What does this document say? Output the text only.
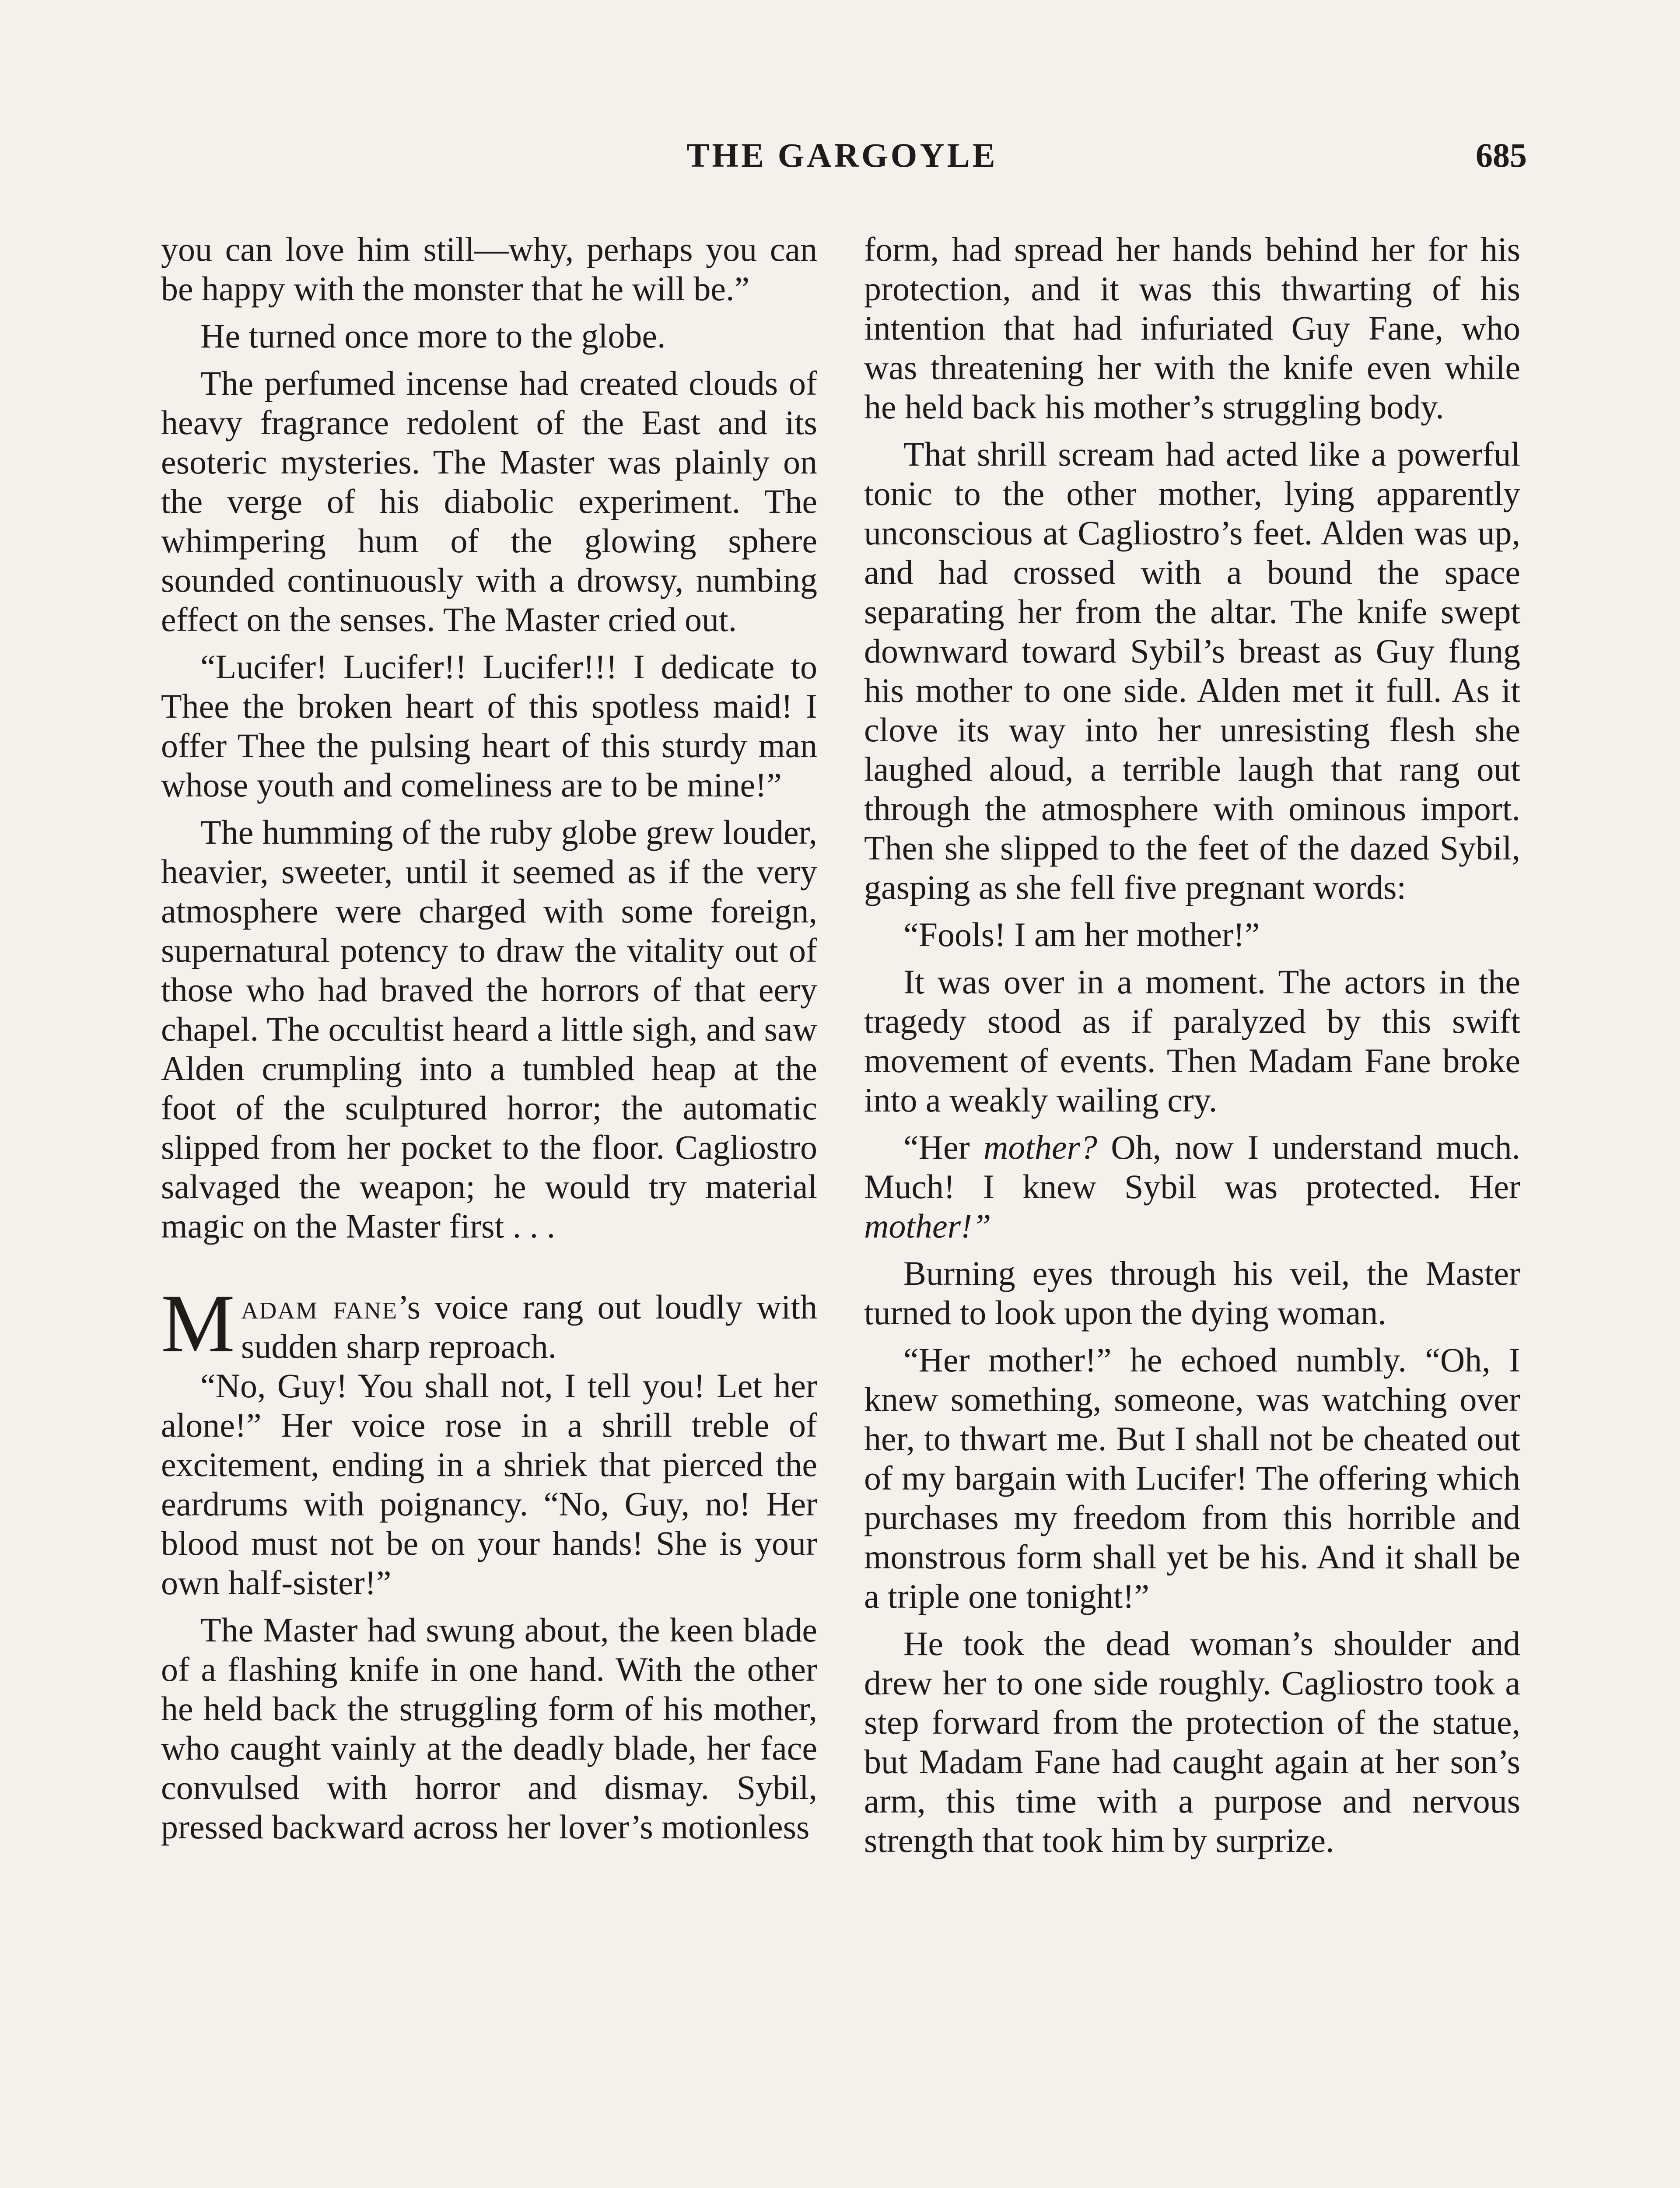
THE GARGOYLE	685

you can love him still—why, perhaps you can be happy with the monster that he will be.”

He turned once more to the globe.

The perfumed incense had created clouds of heavy fragrance redolent of the East and its esoteric mysteries. The Master was plainly on the verge of his diabolic experiment. The whimpering hum of the glowing sphere sounded continuously with a drowsy, numbing effect on the senses. The Master cried out.

“Lucifer! Lucifer!! Lucifer!!! I dedicate to Thee the broken heart of this spotless maid! I offer Thee the pulsing heart of this sturdy man whose youth and comeliness are to be mine!”

The humming of the ruby globe grew louder, heavier, sweeter, until it seemed as if the very atmosphere were charged with some foreign, supernatural potency to draw the vitality out of those who had braved the horrors of that eery chapel. The occultist heard a little sigh, and saw Alden crumpling into a tumbled heap at the foot of the sculptured horror; the automatic slipped from her pocket to the floor. Cagliostro salvaged the weapon; he would try material magic on the Master first . . .

Madam fane’s voice rang out loudly with sudden sharp reproach.

“No, Guy! You shall not, I tell you! Let her alone!” Her voice rose in a shrill treble of excitement, ending in a shriek that pierced the eardrums with poignancy. “No, Guy, no! Her blood must not be on your hands! She is your own half-sister!”

The Master had swung about, the keen blade of a flashing knife in one hand. With the other he held back the struggling form of his mother, who caught vainly at the deadly blade, her face convulsed with horror and dismay. Sybil, pressed backward across her lover’s motionless

form, had spread her hands behind her for his protection, and it was this thwarting of his intention that had infuriated Guy Fane, who was threatening her with the knife even while he held back his mother’s struggling body.

That shrill scream had acted like a powerful tonic to the other mother, lying apparently unconscious at Cagliostro’s feet. Alden was up, and had crossed with a bound the space separating her from the altar. The knife swept downward toward Sybil’s breast as Guy flung his mother to one side. Alden met it full. As it clove its way into her unresisting flesh she laughed aloud, a terrible laugh that rang out through the atmosphere with ominous import. Then she slipped to the feet of the dazed Sybil, gasping as she fell five pregnant words:

“Fools! I am her mother!”

It was over in a moment. The actors in the tragedy stood as if paralyzed by this swift movement of events. Then Madam Fane broke into a weakly wailing cry.

“Her mother? Oh, now I understand much. Much! I knew Sybil was protected. Her mother!”

Burning eyes through his veil, the Master turned to look upon the dying woman.

“Her mother!” he echoed numbly. “Oh, I knew something, someone, was watching over her, to thwart me. But I shall not be cheated out of my bargain with Lucifer! The offering which purchases my freedom from this horrible and monstrous form shall yet be his. And it shall be a triple one tonight!”

He took the dead woman’s shoulder and drew her to one side roughly. Cagliostro took a step forward from the protection of the statue, but Madam Fane had caught again at her son’s arm, this time with a purpose and nervous strength that took him by surprize.
